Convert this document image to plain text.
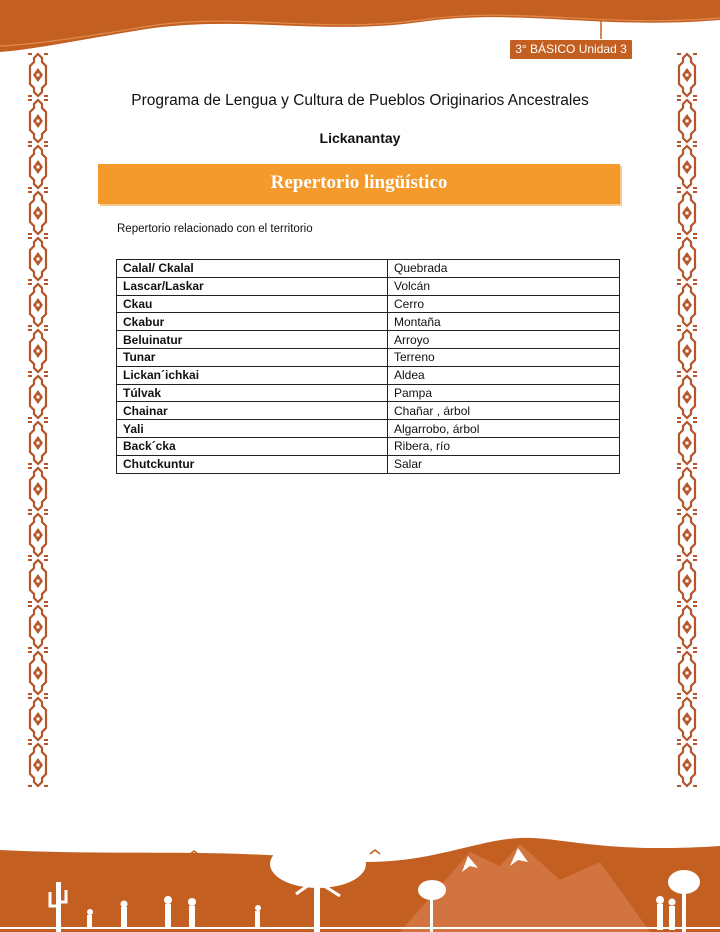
3° BÁSICO Unidad 3
Programa de Lengua y Cultura de Pueblos Originarios Ancestrales
Lickanantay
Repertorio lingüístico
Repertorio relacionado con el territorio
Calal/ Ckalal	Quebrada
Lascar/Laskar	Volcán
Ckau	Cerro
Ckabur	Montaña
Beluinatur	Arroyo
Tunar	Terreno
Lickan´ichkai	Aldea
Túlvak	Pampa
Chainar	Chañar , árbol
Yali	Algarrobo, árbol
Back´cka	Ribera, río
Chutckuntur	Salar
